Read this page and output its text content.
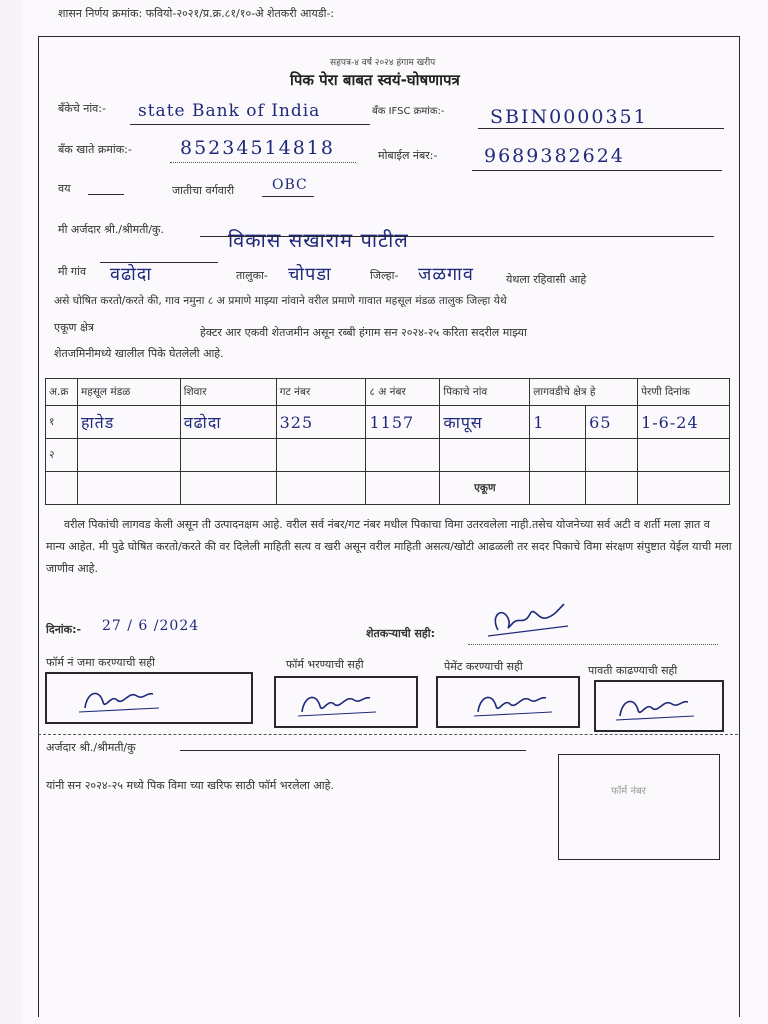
शासन निर्णय क्रमांक: फवियो-२०२१/प्र.क्र.८१/१०-अे शेतकरी आयडी-:
सहपत्र-४ वर्ष २०२४ हंगाम खरीप
पिक पेरा बाबत स्वयं-घोषणापत्र
बँकेचे नांव:- state Bank of India	बँक IFSC क्रमांक:- SBIN0000351
बँक खाते क्रमांक:-	85234514818	मोबाईल नंबर:- 9689382624
वय	जातीचा वर्गवारी	OBC
मी अर्जदार श्री./श्रीमती/कु.	विकास सखाराम पाटील
मी गांव वढोदा	तालुका- चोपडा	जिल्हा- जळगाव	येथला रहिवासी आहे
असे घोषित करतो/करते की, गाव नमुना ८ अ प्रमाणे माझ्या नांवाने वरील प्रमाणे गावात महसूल मंडळ तालुक जिल्हा येथे
एकूण क्षेत्र	हेक्टर आर एकवी शेतजमीन असून रब्बी हंगाम सन २०२४-२५ करिता सदरील माझ्या
शेतजमिनीमध्ये खालील पिके घेतलेली आहे.
अ.क्र	महसूल मंडळ	शिवार	गट नंबर	८ अ नंबर	पिकाचे नांव	लागवडीचे क्षेत्र हे		पेरणी दिनांक
१	हातेड	वढोदा	325	1157	कापूस	1	65	1-6-24
२								
					एकूण			
वरील पिकांची लागवड केली असून ती उत्पादनक्षम आहे. वरील सर्व नंबर/गट नंबर मधील पिकाचा विमा उतरवलेला नाही.तसेच योजनेच्या सर्व अटी व शर्ती मला ज्ञात व मान्य आहेत. मी पुढे घोषित करतो/करते की वर दिलेली माहिती सत्य व खरी असून वरील माहिती असत्य/खोटी आढळली तर सदर पिकाचे विमा संरक्षण संपुष्टात येईल याची मला जाणीव आहे.
दिनांक:- 27 / 6 /2024	शेतकऱ्याची सही:
फॉर्म नं जमा करण्याची सही	फॉर्म भरण्याची सही	पेमेंट करण्याची सही	पावती काढण्याची सही
अर्जदार श्री./श्रीमती/कु
यांनी सन २०२४-२५ मध्ये पिक विमा च्या खरिफ साठी फॉर्म भरलेला आहे.	फॉर्म नंबर
